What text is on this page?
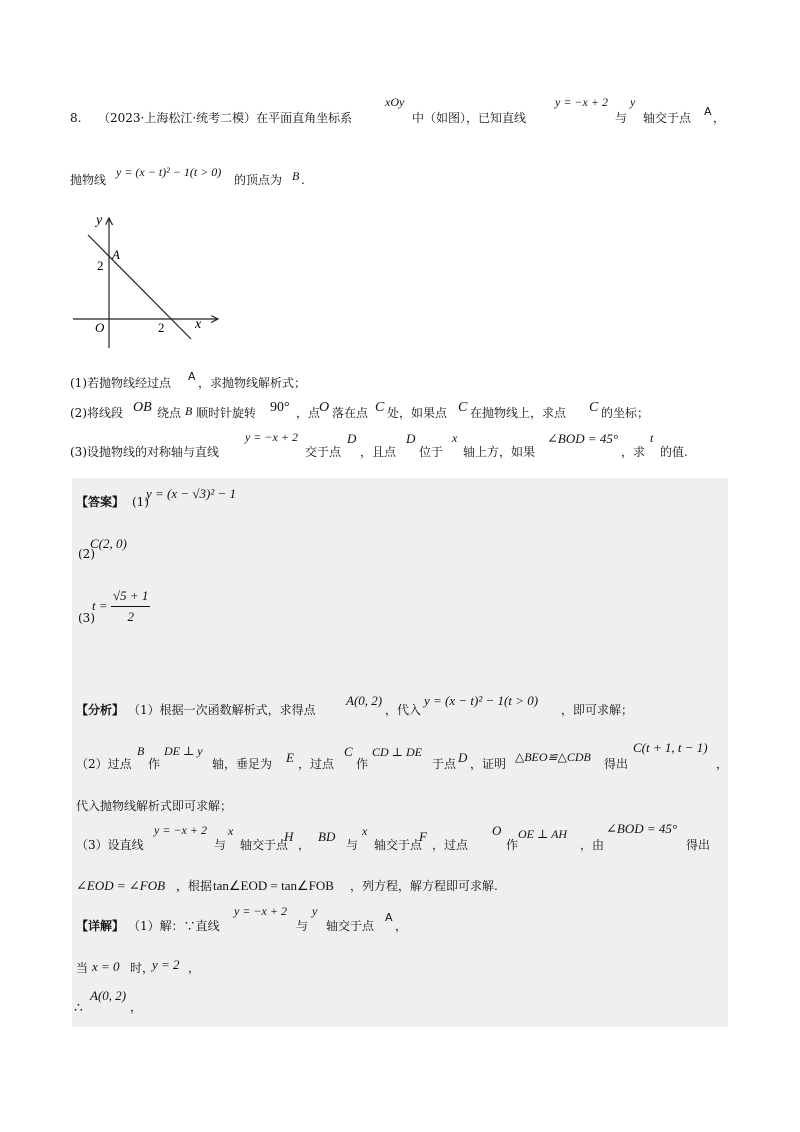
8. （2023·上海松江·统考二模）在平面直角坐标系
xOy
中（如图），已知直线
y = −x + 2
与
y
轴交于点 A ，
抛物线
y = (x − t)² − 1(t > 0)
的顶点为 B .
y
x
O
2
2
A
(1)若抛物线经过点 A ，求抛物线解析式；
(2)将线段 OB 绕点 B 顺时针旋转 90° ，点
O 落在点 C 处，如果点 C 在抛物线上，求点 C 的坐标；
(3)设抛物线的对称轴与直线
y = −x + 2
交于点
D
，且点
D
位于
x
轴上方，如果
∠BOD = 45°
，求
t
的值.
【答案】 (1)
y = (x − √3)² − 1
(2)
C(2, 0)
(3)
$t = \frac{√5 + 1}{2}$
【分析】 （1）根据一次函数解析式，求得点
A(0, 2)
，代入
y = (x − t)² − 1(t > 0)
，即可求解；
（2）过点
B
作
DE ⊥ y
轴，垂足为 E ，过点
C
作
CD ⊥ DE
于点 D ，证明 △BEO≌△CDB 得出
C(t + 1, t − 1)
，
代入抛物线解析式即可求解；
（3）设直线
y = −x + 2
与
x
轴交于点
H
，
BD
与
x
轴交于点
F
，过点
O
作
OE ⊥ AH
，由
∠BOD = 45°
得出
∠EOD = ∠FOB ，根据 tan∠EOD = tan∠FOB ，列方程，解方程即可求解.
【详解】 （1）解：∵直线
y = −x + 2
与
y
轴交于点
A
，
当 x = 0 时，
y = 2 ，
∴
A(0, 2)
，
